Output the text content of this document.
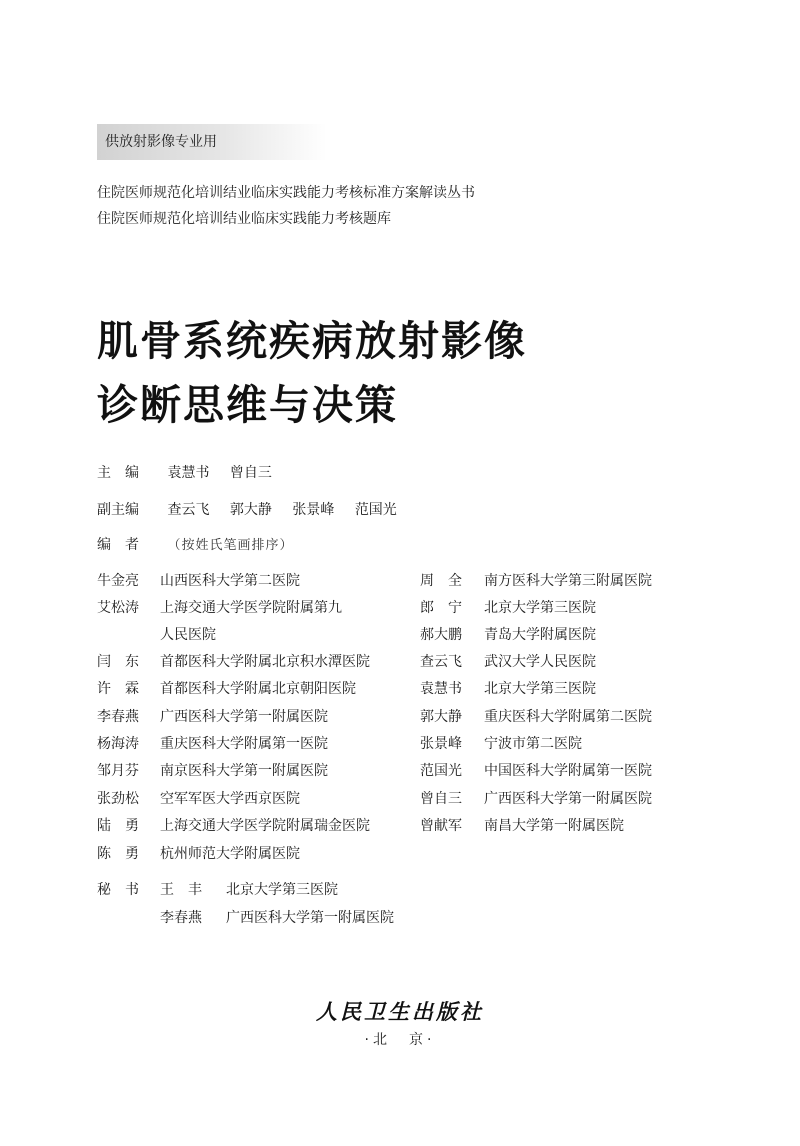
供放射影像专业用
住院医师规范化培训结业临床实践能力考核标准方案解读丛书
住院医师规范化培训结业临床实践能力考核题库
肌骨系统疾病放射影像
诊断思维与决策
主　编 袁慧书 曾自三
副主编 查云飞 郭大静 张景峰 范国光
编　者 （按姓氏笔画排序）
牛金亮 山西医科大学第二医院
艾松涛 上海交通大学医学院附属第九
人民医院
闫　东 首都医科大学附属北京积水潭医院
许　霖 首都医科大学附属北京朝阳医院
李春燕 广西医科大学第一附属医院
杨海涛 重庆医科大学附属第一医院
邹月芬 南京医科大学第一附属医院
张劲松 空军军医大学西京医院
陆　勇 上海交通大学医学院附属瑞金医院
陈　勇 杭州师范大学附属医院
周　全 南方医科大学第三附属医院
郎　宁 北京大学第三医院
郝大鹏 青岛大学附属医院
查云飞 武汉大学人民医院
袁慧书 北京大学第三医院
郭大静 重庆医科大学附属第二医院
张景峰 宁波市第二医院
范国光 中国医科大学附属第一医院
曾自三 广西医科大学第一附属医院
曾献军 南昌大学第一附属医院
秘　书 王　丰 北京大学第三医院
李春燕 广西医科大学第一附属医院
人民卫生出版社
·北　京·
